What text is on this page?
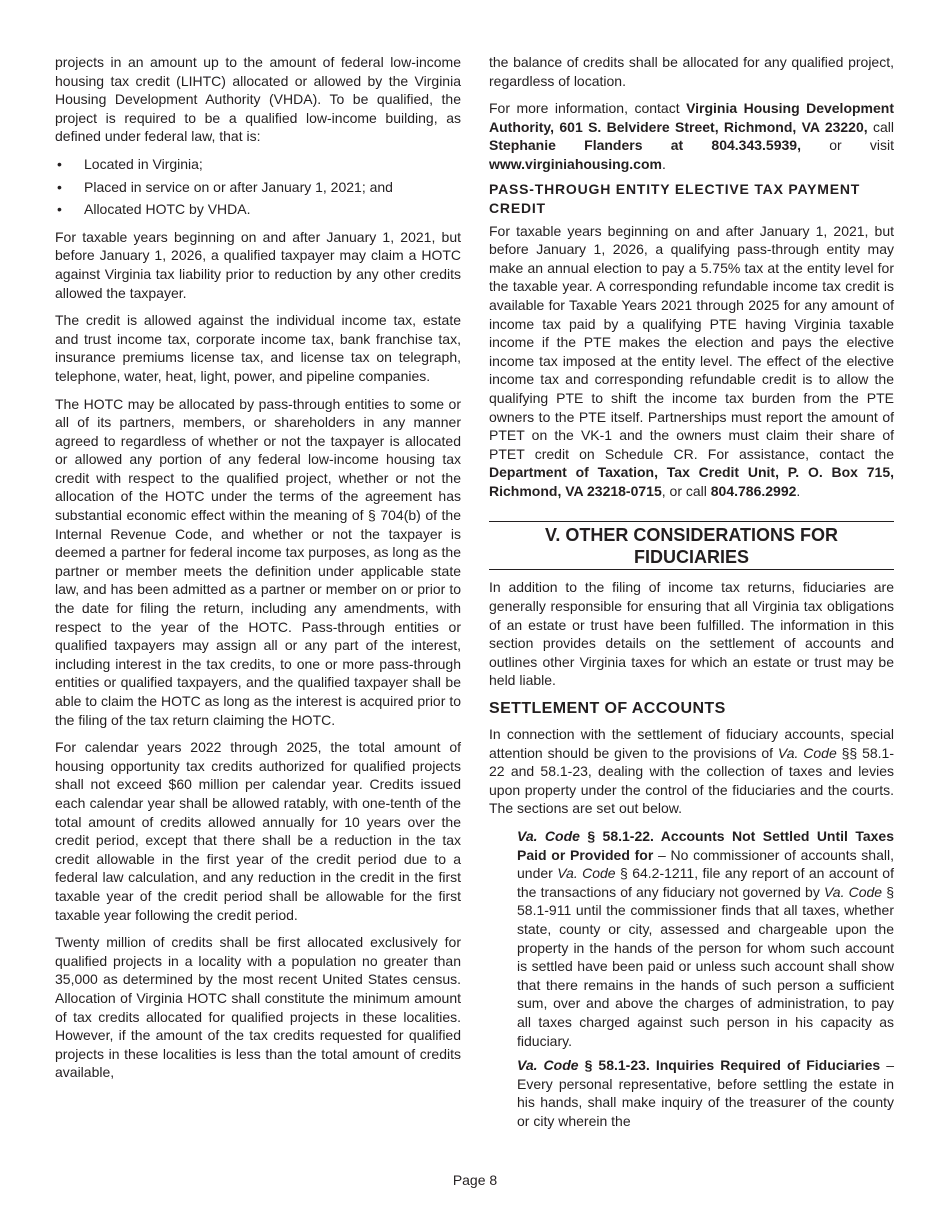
projects in an amount up to the amount of federal low-income housing tax credit (LIHTC) allocated or allowed by the Virginia Housing Development Authority (VHDA). To be qualified, the project is required to be a qualified low-income building, as defined under federal law, that is:

• Located in Virginia;
• Placed in service on or after January 1, 2021; and
• Allocated HOTC by VHDA.

For taxable years beginning on and after January 1, 2021, but before January 1, 2026, a qualified taxpayer may claim a HOTC against Virginia tax liability prior to reduction by any other credits allowed the taxpayer.

The credit is allowed against the individual income tax, estate and trust income tax, corporate income tax, bank franchise tax, insurance premiums license tax, and license tax on telegraph, telephone, water, heat, light, power, and pipeline companies.

The HOTC may be allocated by pass-through entities to some or all of its partners, members, or shareholders in any manner agreed to regardless of whether or not the taxpayer is allocated or allowed any portion of any federal low-income housing tax credit with respect to the qualified project, whether or not the allocation of the HOTC under the terms of the agreement has substantial economic effect within the meaning of § 704(b) of the Internal Revenue Code, and whether or not the taxpayer is deemed a partner for federal income tax purposes, as long as the partner or member meets the definition under applicable state law, and has been admitted as a partner or member on or prior to the date for filing the return, including any amendments, with respect to the year of the HOTC. Pass-through entities or qualified taxpayers may assign all or any part of the interest, including interest in the tax credits, to one or more pass-through entities or qualified taxpayers, and the qualified taxpayer shall be able to claim the HOTC as long as the interest is acquired prior to the filing of the tax return claiming the HOTC.

For calendar years 2022 through 2025, the total amount of housing opportunity tax credits authorized for qualified projects shall not exceed $60 million per calendar year. Credits issued each calendar year shall be allowed ratably, with one-tenth of the total amount of credits allowed annually for 10 years over the credit period, except that there shall be a reduction in the tax credit allowable in the first year of the credit period due to a federal law calculation, and any reduction in the credit in the first taxable year of the credit period shall be allowable for the first taxable year following the credit period.

Twenty million of credits shall be first allocated exclusively for qualified projects in a locality with a population no greater than 35,000 as determined by the most recent United States census. Allocation of Virginia HOTC shall constitute the minimum amount of tax credits allocated for qualified projects in these localities. However, if the amount of the tax credits requested for qualified projects in these localities is less than the total amount of credits available,

the balance of credits shall be allocated for any qualified project, regardless of location.

For more information, contact Virginia Housing Development Authority, 601 S. Belvidere Street, Richmond, VA 23220, call Stephanie Flanders at 804.343.5939, or visit www.virginiahousing.com.

PASS-THROUGH ENTITY ELECTIVE TAX PAYMENT CREDIT

For taxable years beginning on and after January 1, 2021, but before January 1, 2026, a qualifying pass-through entity may make an annual election to pay a 5.75% tax at the entity level for the taxable year. A corresponding refundable income tax credit is available for Taxable Years 2021 through 2025 for any amount of income tax paid by a qualifying PTE having Virginia taxable income if the PTE makes the election and pays the elective income tax imposed at the entity level. The effect of the elective income tax and corresponding refundable credit is to allow the qualifying PTE to shift the income tax burden from the PTE owners to the PTE itself. Partnerships must report the amount of PTET on the VK-1 and the owners must claim their share of PTET credit on Schedule CR. For assistance, contact the Department of Taxation, Tax Credit Unit, P. O. Box 715, Richmond, VA 23218-0715, or call 804.786.2992.

V. OTHER CONSIDERATIONS FOR FIDUCIARIES

In addition to the filing of income tax returns, fiduciaries are generally responsible for ensuring that all Virginia tax obligations of an estate or trust have been fulfilled. The information in this section provides details on the settlement of accounts and outlines other Virginia taxes for which an estate or trust may be held liable.

SETTLEMENT OF ACCOUNTS

In connection with the settlement of fiduciary accounts, special attention should be given to the provisions of Va. Code §§ 58.1-22 and 58.1-23, dealing with the collection of taxes and levies upon property under the control of the fiduciaries and the courts. The sections are set out below.

Va. Code § 58.1-22. Accounts Not Settled Until Taxes Paid or Provided for – No commissioner of accounts shall, under Va. Code § 64.2-1211, file any report of an account of the transactions of any fiduciary not governed by Va. Code § 58.1-911 until the commissioner finds that all taxes, whether state, county or city, assessed and chargeable upon the property in the hands of the person for whom such account is settled have been paid or unless such account shall show that there remains in the hands of such person a sufficient sum, over and above the charges of administration, to pay all taxes charged against such person in his capacity as fiduciary.

Va. Code § 58.1-23. Inquiries Required of Fiduciaries – Every personal representative, before settling the estate in his hands, shall make inquiry of the treasurer of the county or city wherein the

Page 8
